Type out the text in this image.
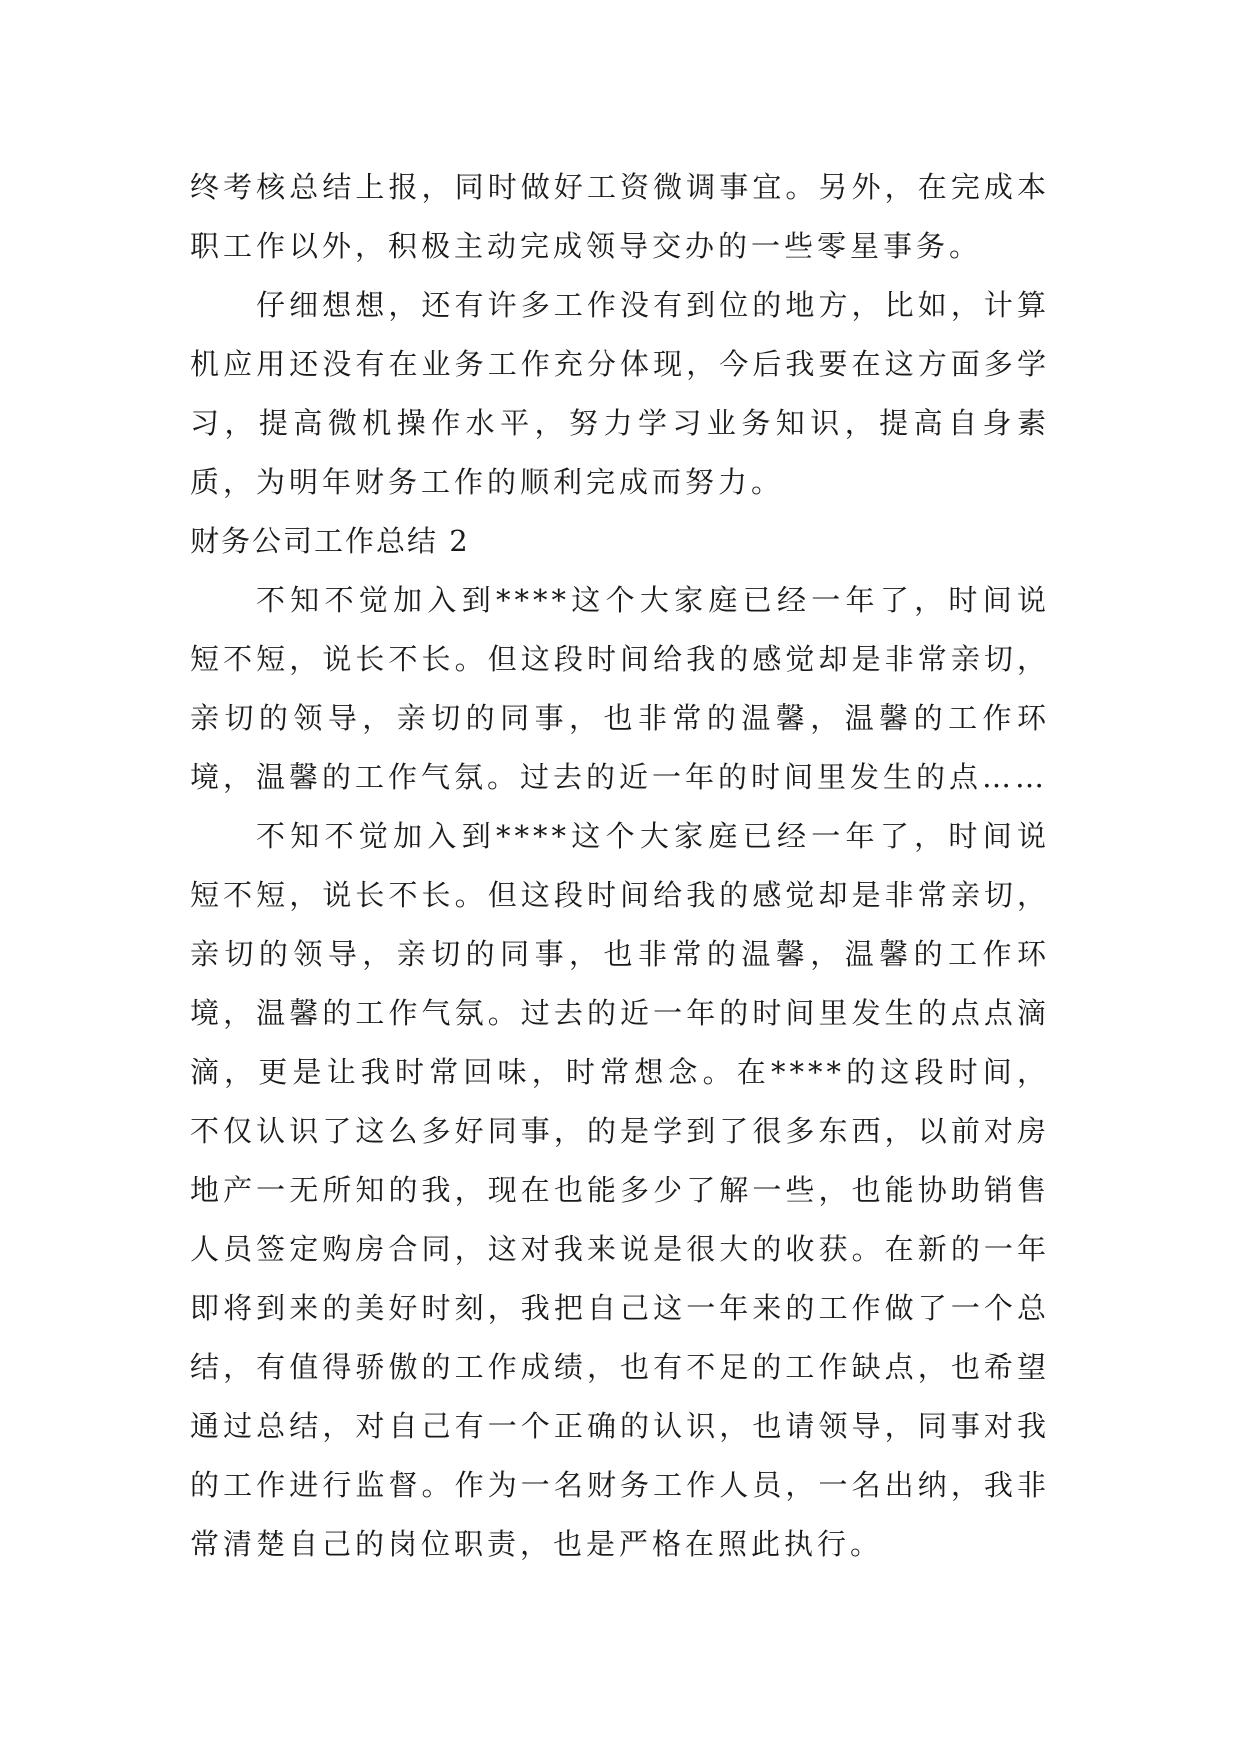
终考核总结上报，同时做好工资微调事宜。另外，在完成本职工作以外，积极主动完成领导交办的一些零星事务。

仔细想想，还有许多工作没有到位的地方，比如，计算机应用还没有在业务工作充分体现，今后我要在这方面多学习，提高微机操作水平，努力学习业务知识，提高自身素质，为明年财务工作的顺利完成而努力。

财务公司工作总结 2

不知不觉加入到****这个大家庭已经一年了，时间说短不短，说长不长。但这段时间给我的感觉却是非常亲切，亲切的领导，亲切的同事，也非常的温馨，温馨的工作环境，温馨的工作气氛。过去的近一年的时间里发生的点……

不知不觉加入到****这个大家庭已经一年了，时间说短不短，说长不长。但这段时间给我的感觉却是非常亲切，亲切的领导，亲切的同事，也非常的温馨，温馨的工作环境，温馨的工作气氛。过去的近一年的时间里发生的点点滴滴，更是让我时常回味，时常想念。在****的这段时间，不仅认识了这么多好同事，的是学到了很多东西，以前对房地产一无所知的我，现在也能多少了解一些，也能协助销售人员签定购房合同，这对我来说是很大的收获。在新的一年即将到来的美好时刻，我把自己这一年来的工作做了一个总结，有值得骄傲的工作成绩，也有不足的工作缺点，也希望通过总结，对自己有一个正确的认识，也请领导，同事对我的工作进行监督。作为一名财务工作人员，一名出纳，我非常清楚自己的岗位职责，也是严格在照此执行。
